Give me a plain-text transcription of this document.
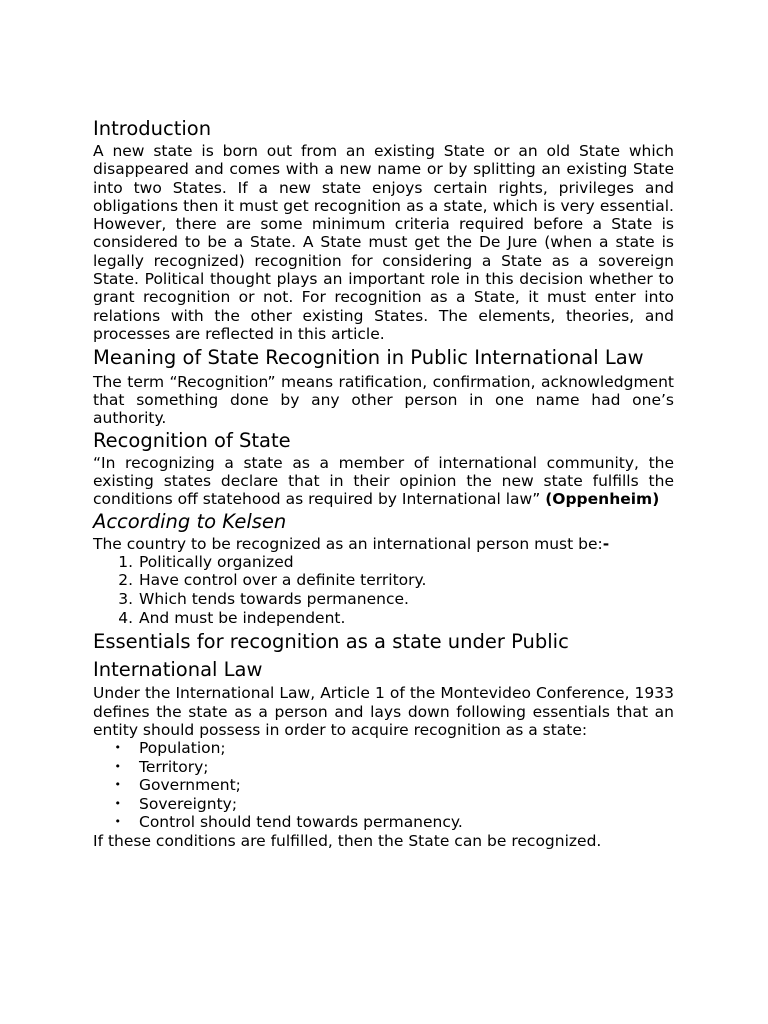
Introduction

A new state is born out from an existing State or an old State which disappeared and comes with a new name or by splitting an existing State into two States. If a new state enjoys certain rights, privileges and obligations then it must get recognition as a state, which is very essential. However, there are some minimum criteria required before a State is considered to be a State. A State must get the De Jure (when a state is legally recognized) recognition for considering a State as a sovereign State. Political thought plays an important role in this decision whether to grant recognition or not. For recognition as a State, it must enter into relations with the other existing States. The elements, theories, and processes are reflected in this article.

Meaning of State Recognition in Public International Law

The term “Recognition” means ratification, confirmation, acknowledgment that something done by any other person in one name had one’s authority.

Recognition of State

“In recognizing a state as a member of international community, the existing states declare that in their opinion the new state fulfills the conditions off statehood as required by International law” (Oppenheim)

According to Kelsen

The country to be recognized as an international person must be:-

1. Politically organized
2. Have control over a definite territory.
3. Which tends towards permanence.
4. And must be independent.
Essentials for recognition as a state under Public International Law

Under the International Law, Article 1 of the Montevideo Conference, 1933 defines the state as a person and lays down following essentials that an entity should possess in order to acquire recognition as a state:

• Population;
• Territory;
• Government;
• Sovereignty;
• Control should tend towards permanency.

If these conditions are fulfilled, then the State can be recognized.
